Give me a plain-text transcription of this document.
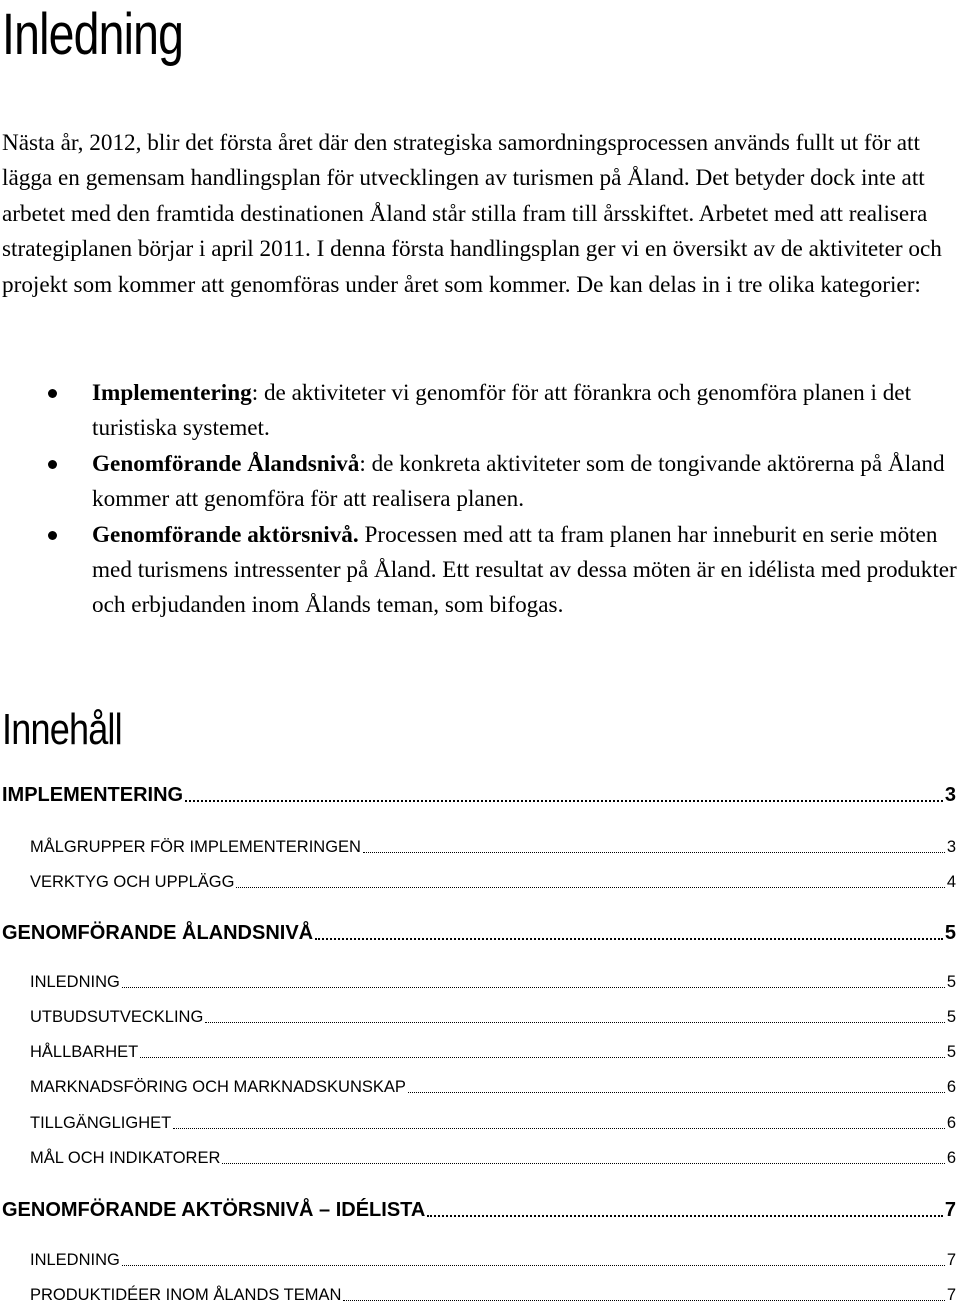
Inledning

Nästa år, 2012, blir det första året där den strategiska samordningsprocessen används fullt ut för att lägga en gemensam handlingsplan för utvecklingen av turismen på Åland. Det betyder dock inte att arbetet med den framtida destinationen Åland står stilla fram till årsskiftet. Arbetet med att realisera strategiplanen börjar i april 2011. I denna första handlingsplan ger vi en översikt av de aktiviteter och projekt som kommer att genomföras under året som kommer. De kan delas in i tre olika kategorier:

Implementering: de aktiviteter vi genomför för att förankra och genomföra planen i det turistiska systemet.
Genomförande Ålandsnivå: de konkreta aktiviteter som de tongivande aktörerna på Åland kommer att genomföra för att realisera planen.
Genomförande aktörsnivå. Processen med att ta fram planen har inneburit en serie möten med turismens intressenter på Åland. Ett resultat av dessa möten är en idélista med produkter och erbjudanden inom Ålands teman, som bifogas.
Innehåll
IMPLEMENTERING	3
MÅLGRUPPER FÖR IMPLEMENTERINGEN	3
VERKTYG OCH UPPLÄGG	4
GENOMFÖRANDE ÅLANDSNIVÅ	5
INLEDNING	5
UTBUDSUTVECKLING	5
HÅLLBARHET	5
MARKNADSFÖRING OCH MARKNADSKUNSKAP	6
TILLGÄNGLIGHET	6
MÅL OCH INDIKATORER	6
GENOMFÖRANDE AKTÖRSNIVÅ – IDÉLISTA	7
INLEDNING	7
PRODUKTIDÉER INOM ÅLANDS TEMAN	7
